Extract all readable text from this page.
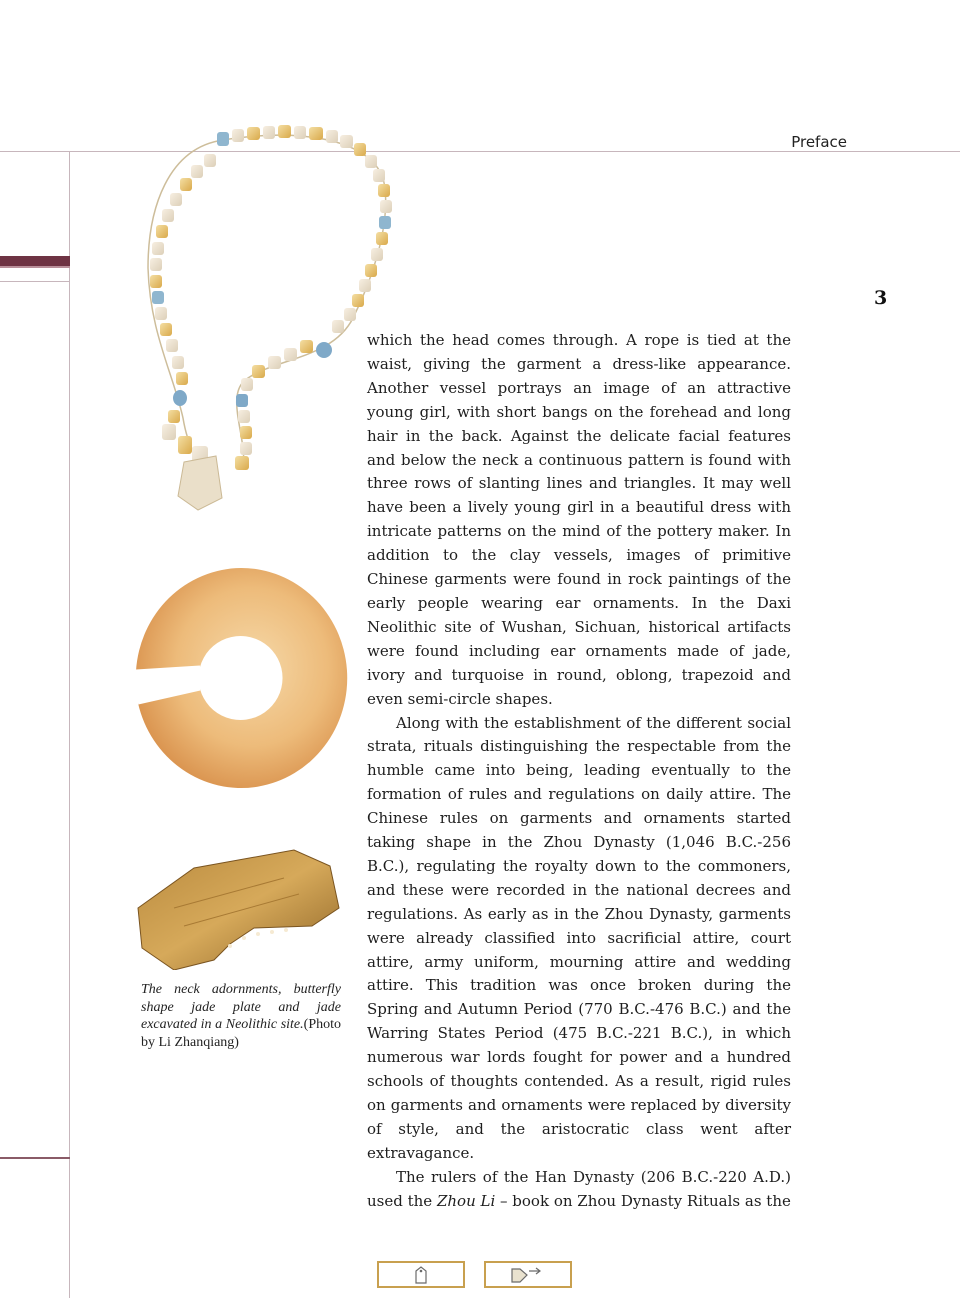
Preface
3
The neck adornments, butterfly shape jade plate and jade excavated in a Neolithic site.(Photo by Li Zhanqiang)

which the head comes through. A rope is tied at the waist, giving the garment a dress-like appearance. Another vessel portrays an image of an attractive young girl, with short bangs on the forehead and long hair in the back. Against the delicate facial features and below the neck a continuous pattern is found with three rows of slanting lines and triangles. It may well have been a lively young girl in a beautiful dress with intricate patterns on the mind of the pottery maker. In addition to the clay vessels, images of primitive Chinese garments were found in rock paintings of the early people wearing ear ornaments. In the Daxi Neolithic site of Wushan, Sichuan, historical artifacts were found including ear ornaments made of jade, ivory and turquoise in round, oblong, trapezoid and even semi-circle shapes.

Along with the establishment of the different social strata, rituals distinguishing the respectable from the humble came into being, leading eventually to the formation of rules and regulations on daily attire. The Chinese rules on garments and ornaments started taking shape in the Zhou Dynasty (1,046 B.C.-256 B.C.), regulating the royalty down to the commoners, and these were recorded in the national decrees and regulations. As early as in the Zhou Dynasty, garments were already classified into sacrificial attire, court attire, army uniform, mourning attire and wedding attire. This tradition was once broken during the Spring and Autumn Period (770 B.C.-476 B.C.) and the Warring States Period (475 B.C.-221 B.C.), in which numerous war lords fought for power and a hundred schools of thoughts contended. As a result, rigid rules on garments and ornaments were replaced by diversity of style, and the aristocratic class went after extravagance.

The rulers of the Han Dynasty (206 B.C.-220 A.D.) used the Zhou Li – book on Zhou Dynasty Rituals as the
